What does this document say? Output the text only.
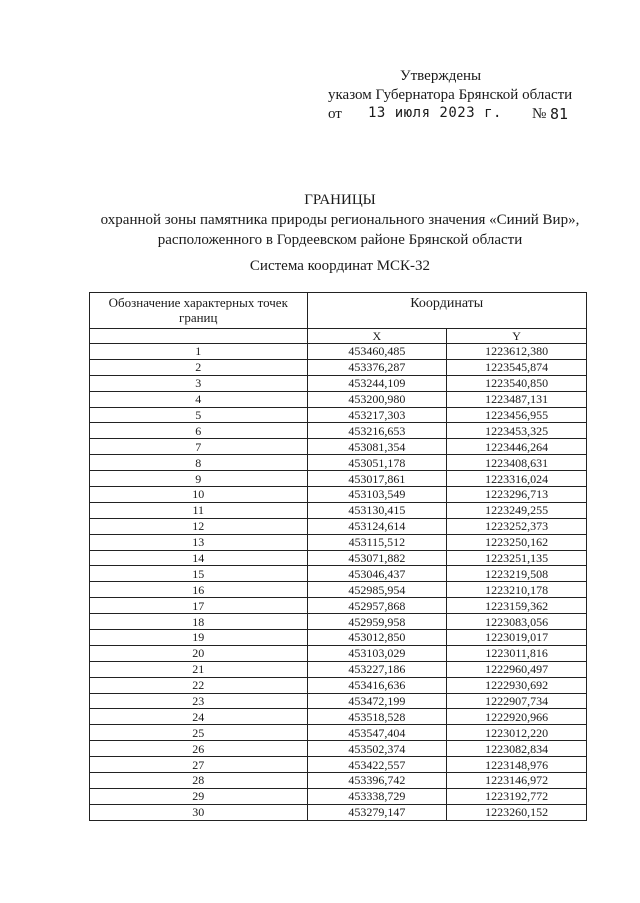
Утверждены
указом Губернатора Брянской области
от 13 июля 2023 г. № 81
ГРАНИЦЫ
охранной зоны памятника природы регионального значения «Синий Вир»,
расположенного в Гордеевском районе Брянской области
Система координат МСК-32
Обозначение характерных точек границ	Координаты	
	X	Y
1	453460,485	1223612,380
2	453376,287	1223545,874
3	453244,109	1223540,850
4	453200,980	1223487,131
5	453217,303	1223456,955
6	453216,653	1223453,325
7	453081,354	1223446,264
8	453051,178	1223408,631
9	453017,861	1223316,024
10	453103,549	1223296,713
11	453130,415	1223249,255
12	453124,614	1223252,373
13	453115,512	1223250,162
14	453071,882	1223251,135
15	453046,437	1223219,508
16	452985,954	1223210,178
17	452957,868	1223159,362
18	452959,958	1223083,056
19	453012,850	1223019,017
20	453103,029	1223011,816
21	453227,186	1222960,497
22	453416,636	1222930,692
23	453472,199	1222907,734
24	453518,528	1222920,966
25	453547,404	1223012,220
26	453502,374	1223082,834
27	453422,557	1223148,976
28	453396,742	1223146,972
29	453338,729	1223192,772
30	453279,147	1223260,152
